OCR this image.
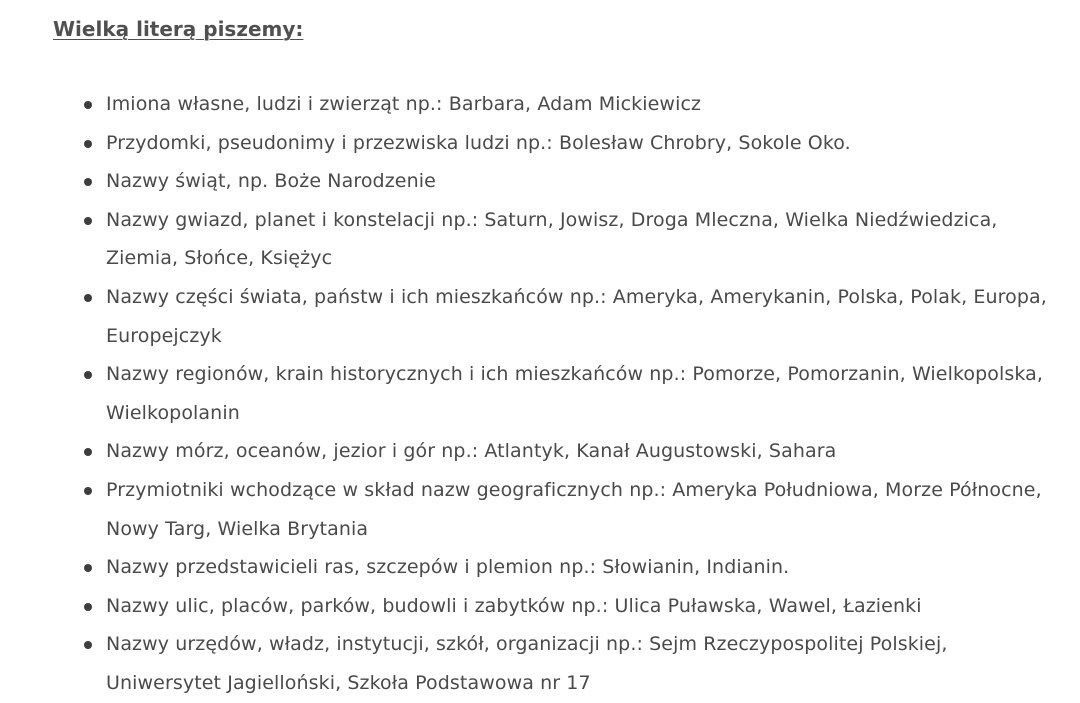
Wielką literą piszemy:
Imiona własne, ludzi i zwierząt np.: Barbara, Adam Mickiewicz
Przydomki, pseudonimy i przezwiska ludzi np.: Bolesław Chrobry, Sokole Oko.
Nazwy świąt, np. Boże Narodzenie
Nazwy gwiazd, planet i konstelacji np.: Saturn, Jowisz, Droga Mleczna, Wielka Niedźwiedzica, Ziemia, Słońce, Księżyc
Nazwy części świata, państw i ich mieszkańców np.: Ameryka, Amerykanin, Polska, Polak, Europa, Europejczyk
Nazwy regionów, krain historycznych i ich mieszkańców np.: Pomorze, Pomorzanin, Wielkopolska, Wielkopolanin
Nazwy mórz, oceanów, jezior i gór np.: Atlantyk, Kanał Augustowski, Sahara
Przymiotniki wchodzące w skład nazw geograficznych np.: Ameryka Południowa, Morze Północne, Nowy Targ, Wielka Brytania
Nazwy przedstawicieli ras, szczepów i plemion np.: Słowianin, Indianin.
Nazwy ulic, placów, parków, budowli i zabytków np.: Ulica Puławska, Wawel, Łazienki
Nazwy urzędów, władz, instytucji, szkół, organizacji np.: Sejm Rzeczypospolitej Polskiej, Uniwersytet Jagielloński, Szkoła Podstawowa nr 17
